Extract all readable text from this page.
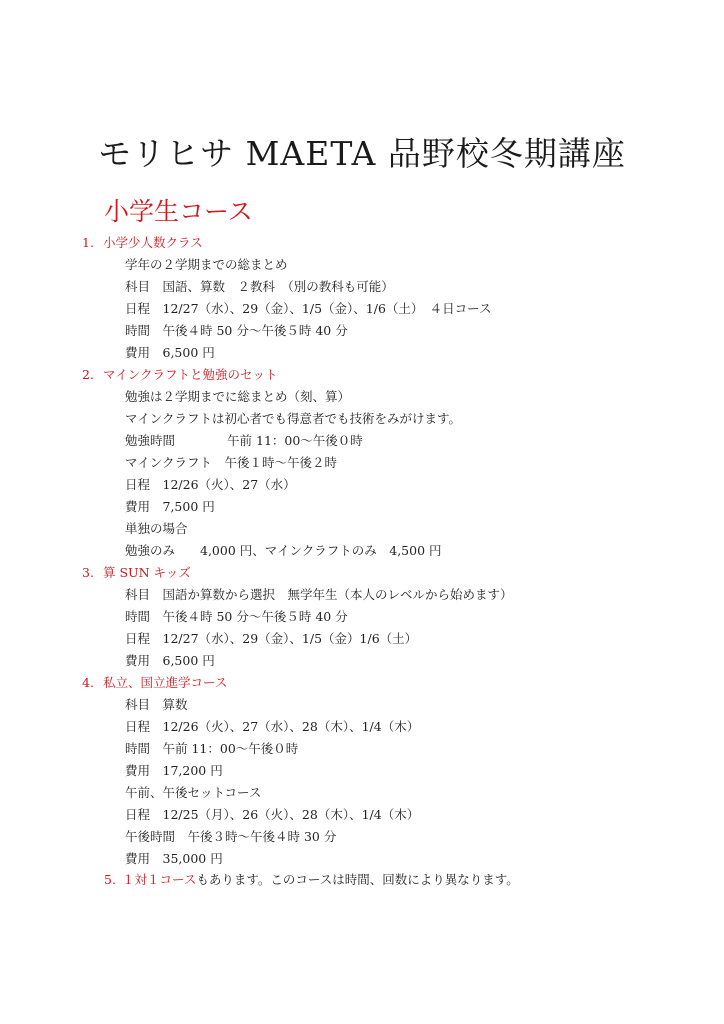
モリヒサ MAETA 品野校冬期講座
小学生コース
1. 小学少人数クラス
学年の２学期までの総まとめ
科目　国語、算数　２教科　（別の教科も可能）
日程　12/27（水）、29（金）、1/5（金）、1/6（土）　４日コース
時間　午後４時 50 分～午後５時 40 分
費用　6,500 円
2. マインクラフトと勉強のセット
勉強は２学期までに総まとめ（刻、算）
マインクラフトは初心者でも得意者でも技術をみがけます。
勉強時間	午前 11：00～午後０時
マインクラフト　午後１時～午後２時
日程　12/26（火）、27（水）
費用　7,500 円
単独の場合
勉強のみ　　4,000 円、マインクラフトのみ　4,500 円
3. 算 SUN キッズ
科目　国語か算数から選択　無学年生（本人のレベルから始めます）
時間　午後４時 50 分～午後５時 40 分
日程　12/27（水）、29（金）、1/5（金）1/6（土）
費用　6,500 円
4. 私立、国立進学コース
科目　算数
日程　12/26（火）、27（水）、28（木）、1/4（木）
時間　午前 11：00～午後０時
費用　17,200 円
午前、午後セットコース
日程　12/25（月）、26（火）、28（木）、1/4（木）
午後時間　午後３時～午後４時 30 分
費用　35,000 円
5. １対１コースもあります。このコースは時間、回数により異なります。
